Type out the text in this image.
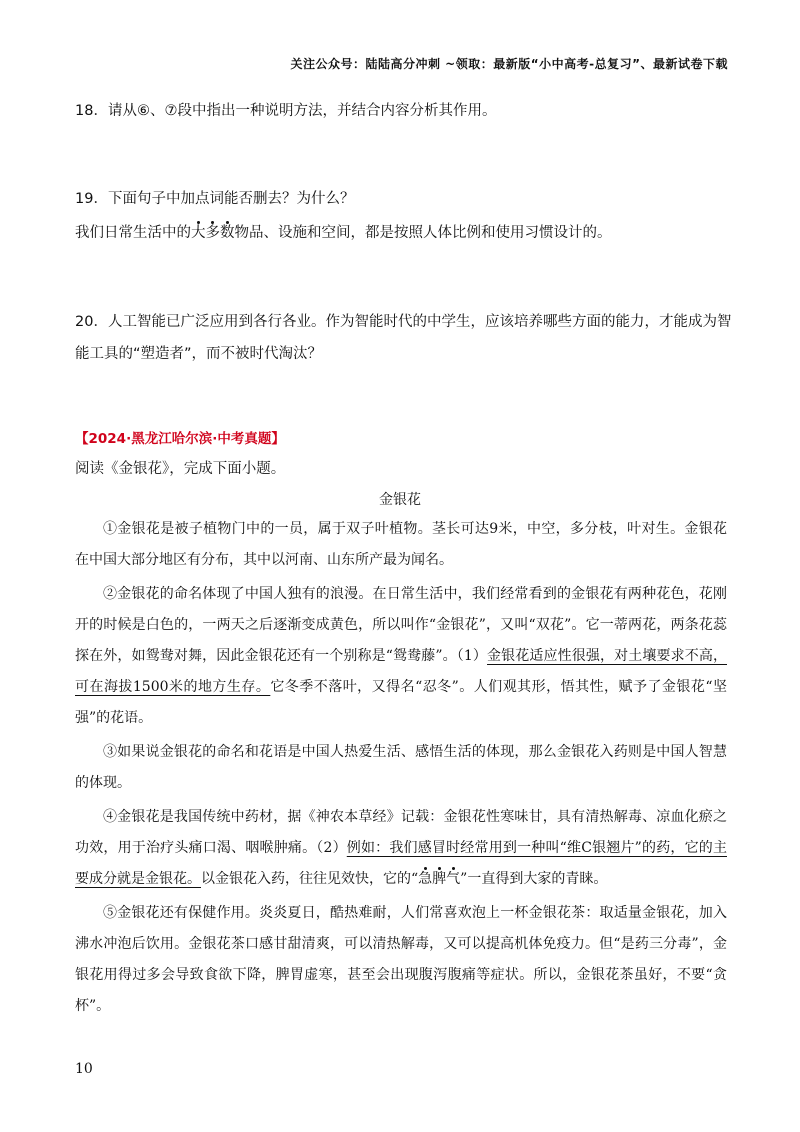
关注公众号：陆陆高分冲刺 ~领取：最新版“小中高考-总复习”、最新试卷下载
18．请从⑥、⑦段中指出一种说明方法，并结合内容分析其作用。
19．下面句子中加点词能否删去？为什么？
我们日常生活中的大多数物品、设施和空间，都是按照人体比例和使用习惯设计的。
20．人工智能已广泛应用到各行各业。作为智能时代的中学生，应该培养哪些方面的能力，才能成为智能工具的“塑造者”，而不被时代淘汰？
【2024·黑龙江哈尔滨·中考真题】
阅读《金银花》，完成下面小题。
金银花

①金银花是被子植物门中的一员，属于双子叶植物。茎长可达9米，中空，多分枝，叶对生。金银花在中国大部分地区有分布，其中以河南、山东所产最为闻名。

②金银花的命名体现了中国人独有的浪漫。在日常生活中，我们经常看到的金银花有两种花色，花刚开的时候是白色的，一两天之后逐渐变成黄色，所以叫作“金银花”，又叫“双花”。它一蒂两花，两条花蕊探在外，如鸳鸯对舞，因此金银花还有一个别称是“鸳鸯藤”。（1）金银花适应性很强，对土壤要求不高，可在海拔1500米的地方生存。它冬季不落叶，又得名“忍冬”。人们观其形，悟其性，赋予了金银花“坚强”的花语。

③如果说金银花的命名和花语是中国人热爱生活、感悟生活的体现，那么金银花入药则是中国人智慧的体现。

④金银花是我国传统中药材，据《神农本草经》记载：金银花性寒味甘，具有清热解毒、凉血化瘀之功效，用于治疗头痛口渴、咽喉肿痛。（2）例如：我们感冒时经常用到一种叫“维C银翘片”的药，它的主要成分就是金银花。以金银花入药，往往见效快，它的“急脾气”一直得到大家的青睐。

⑤金银花还有保健作用。炎炎夏日，酷热难耐，人们常喜欢泡上一杯金银花茶：取适量金银花，加入沸水冲泡后饮用。金银花茶口感甘甜清爽，可以清热解毒，又可以提高机体免疫力。但“是药三分毒”，金银花用得过多会导致食欲下降，脾胃虚寒，甚至会出现腹泻腹痛等症状。所以，金银花茶虽好，不要“贪杯”。

10
